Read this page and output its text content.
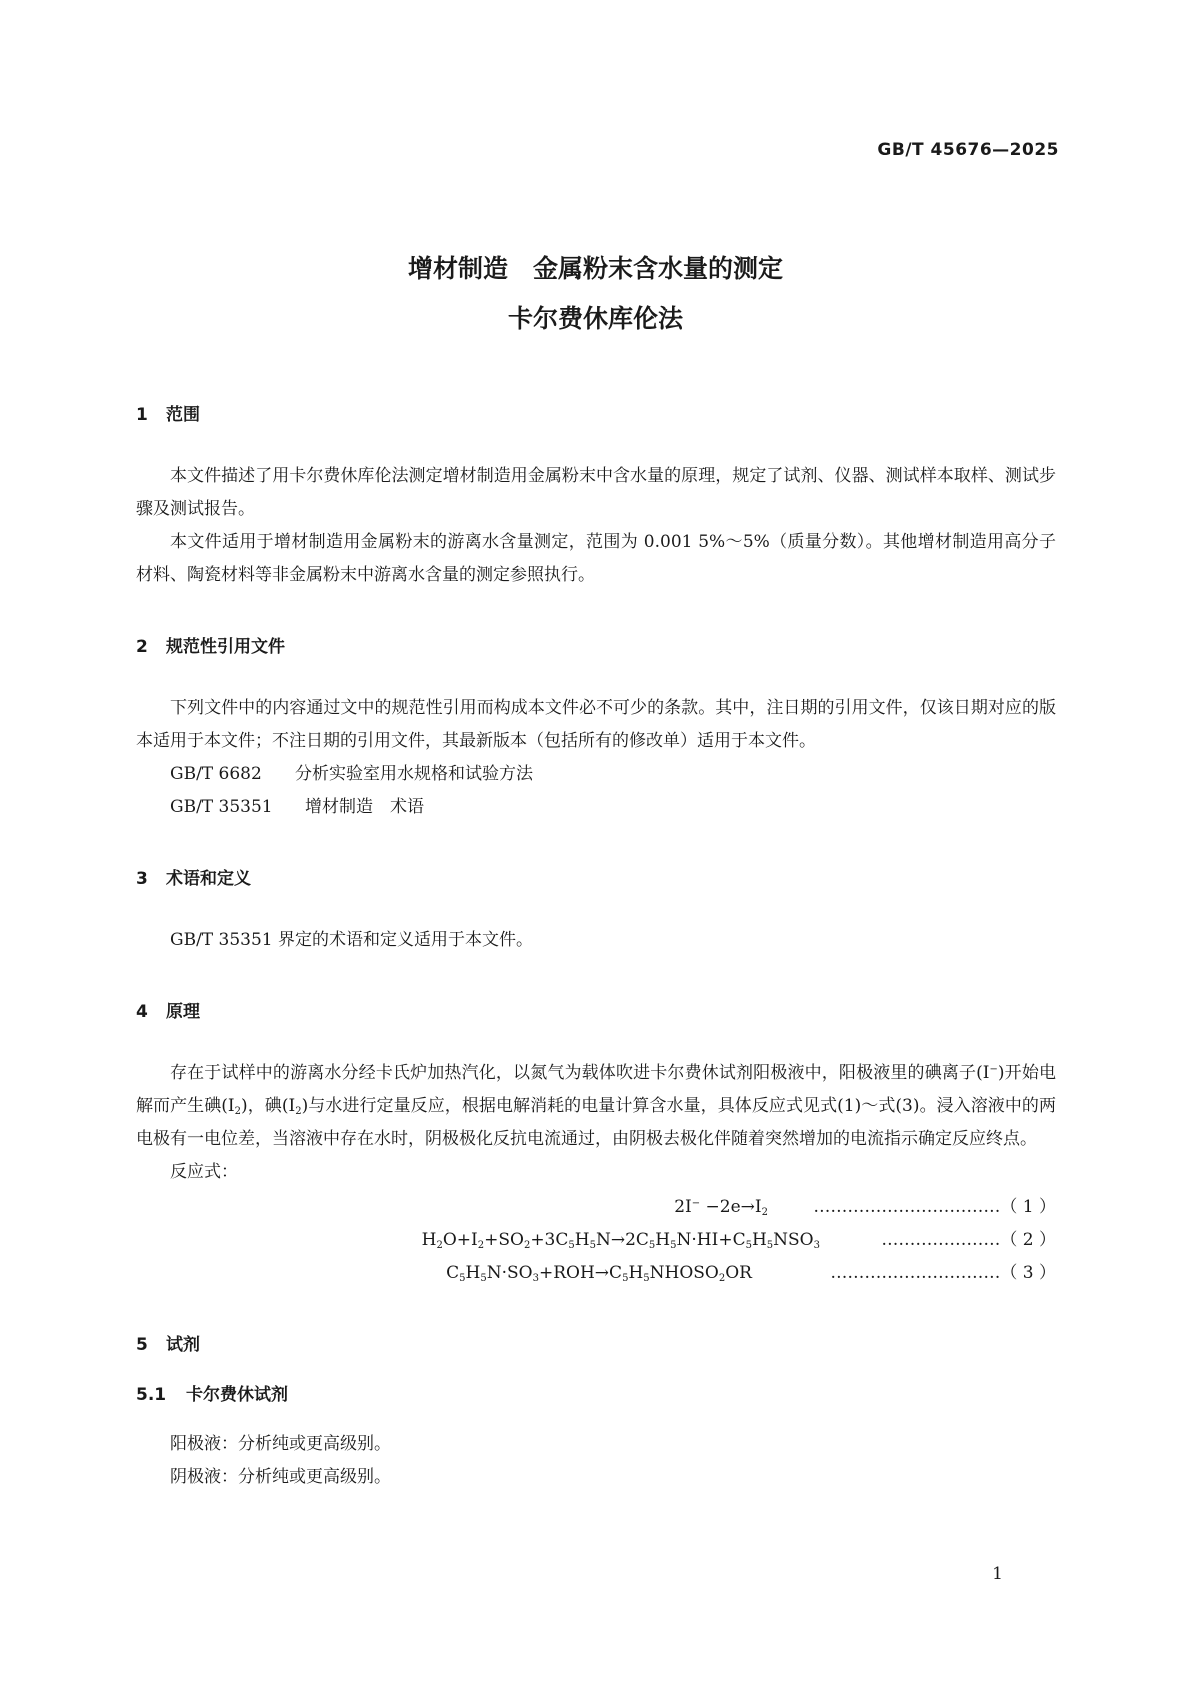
GB/T 45676—2025
增材制造　金属粉末含水量的测定
卡尔费休库伦法
1 范围

本文件描述了用卡尔费休库伦法测定增材制造用金属粉末中含水量的原理，规定了试剂、仪器、测试样本取样、测试步骤及测试报告。

本文件适用于增材制造用金属粉末的游离水含量测定，范围为 0.001 5%～5%（质量分数）。其他增材制造用高分子材料、陶瓷材料等非金属粉末中游离水含量的测定参照执行。

2 规范性引用文件

下列文件中的内容通过文中的规范性引用而构成本文件必不可少的条款。其中，注日期的引用文件，仅该日期对应的版本适用于本文件；不注日期的引用文件，其最新版本（包括所有的修改单）适用于本文件。

GB/T 6682 分析实验室用水规格和试验方法

GB/T 35351 增材制造　术语

3 术语和定义

GB/T 35351 界定的术语和定义适用于本文件。

4 原理

存在于试样中的游离水分经卡氏炉加热汽化，以氮气为载体吹进卡尔费休试剂阳极液中，阳极液里的碘离子(I−)开始电解而产生碘$(I_2)$，碘$(I_2)$与水进行定量反应，根据电解消耗的电量计算含水量，具体反应式见式(1)～式(3)。浸入溶液中的两电极有一电位差，当溶液中存在水时，阴极极化反抗电流通过，由阴极去极化伴随着突然增加的电流指示确定反应终点。

反应式：

$2I^- -2e\to I_2$	……………………………（ 1 ）
$H_2O+I_2+SO_2+3C_5H_5N\to 2C_5H_5N\cdot HI+C_5H_5NSO_3$	…………………（ 2 ）
$C_5H_5N\cdot SO_3+ROH\to C_5H_5NHOSO_2OR$	…………………………（ 3 ）
5 试剂
5.1 卡尔费休试剂

阳极液：分析纯或更高级别。

阴极液：分析纯或更高级别。

1
